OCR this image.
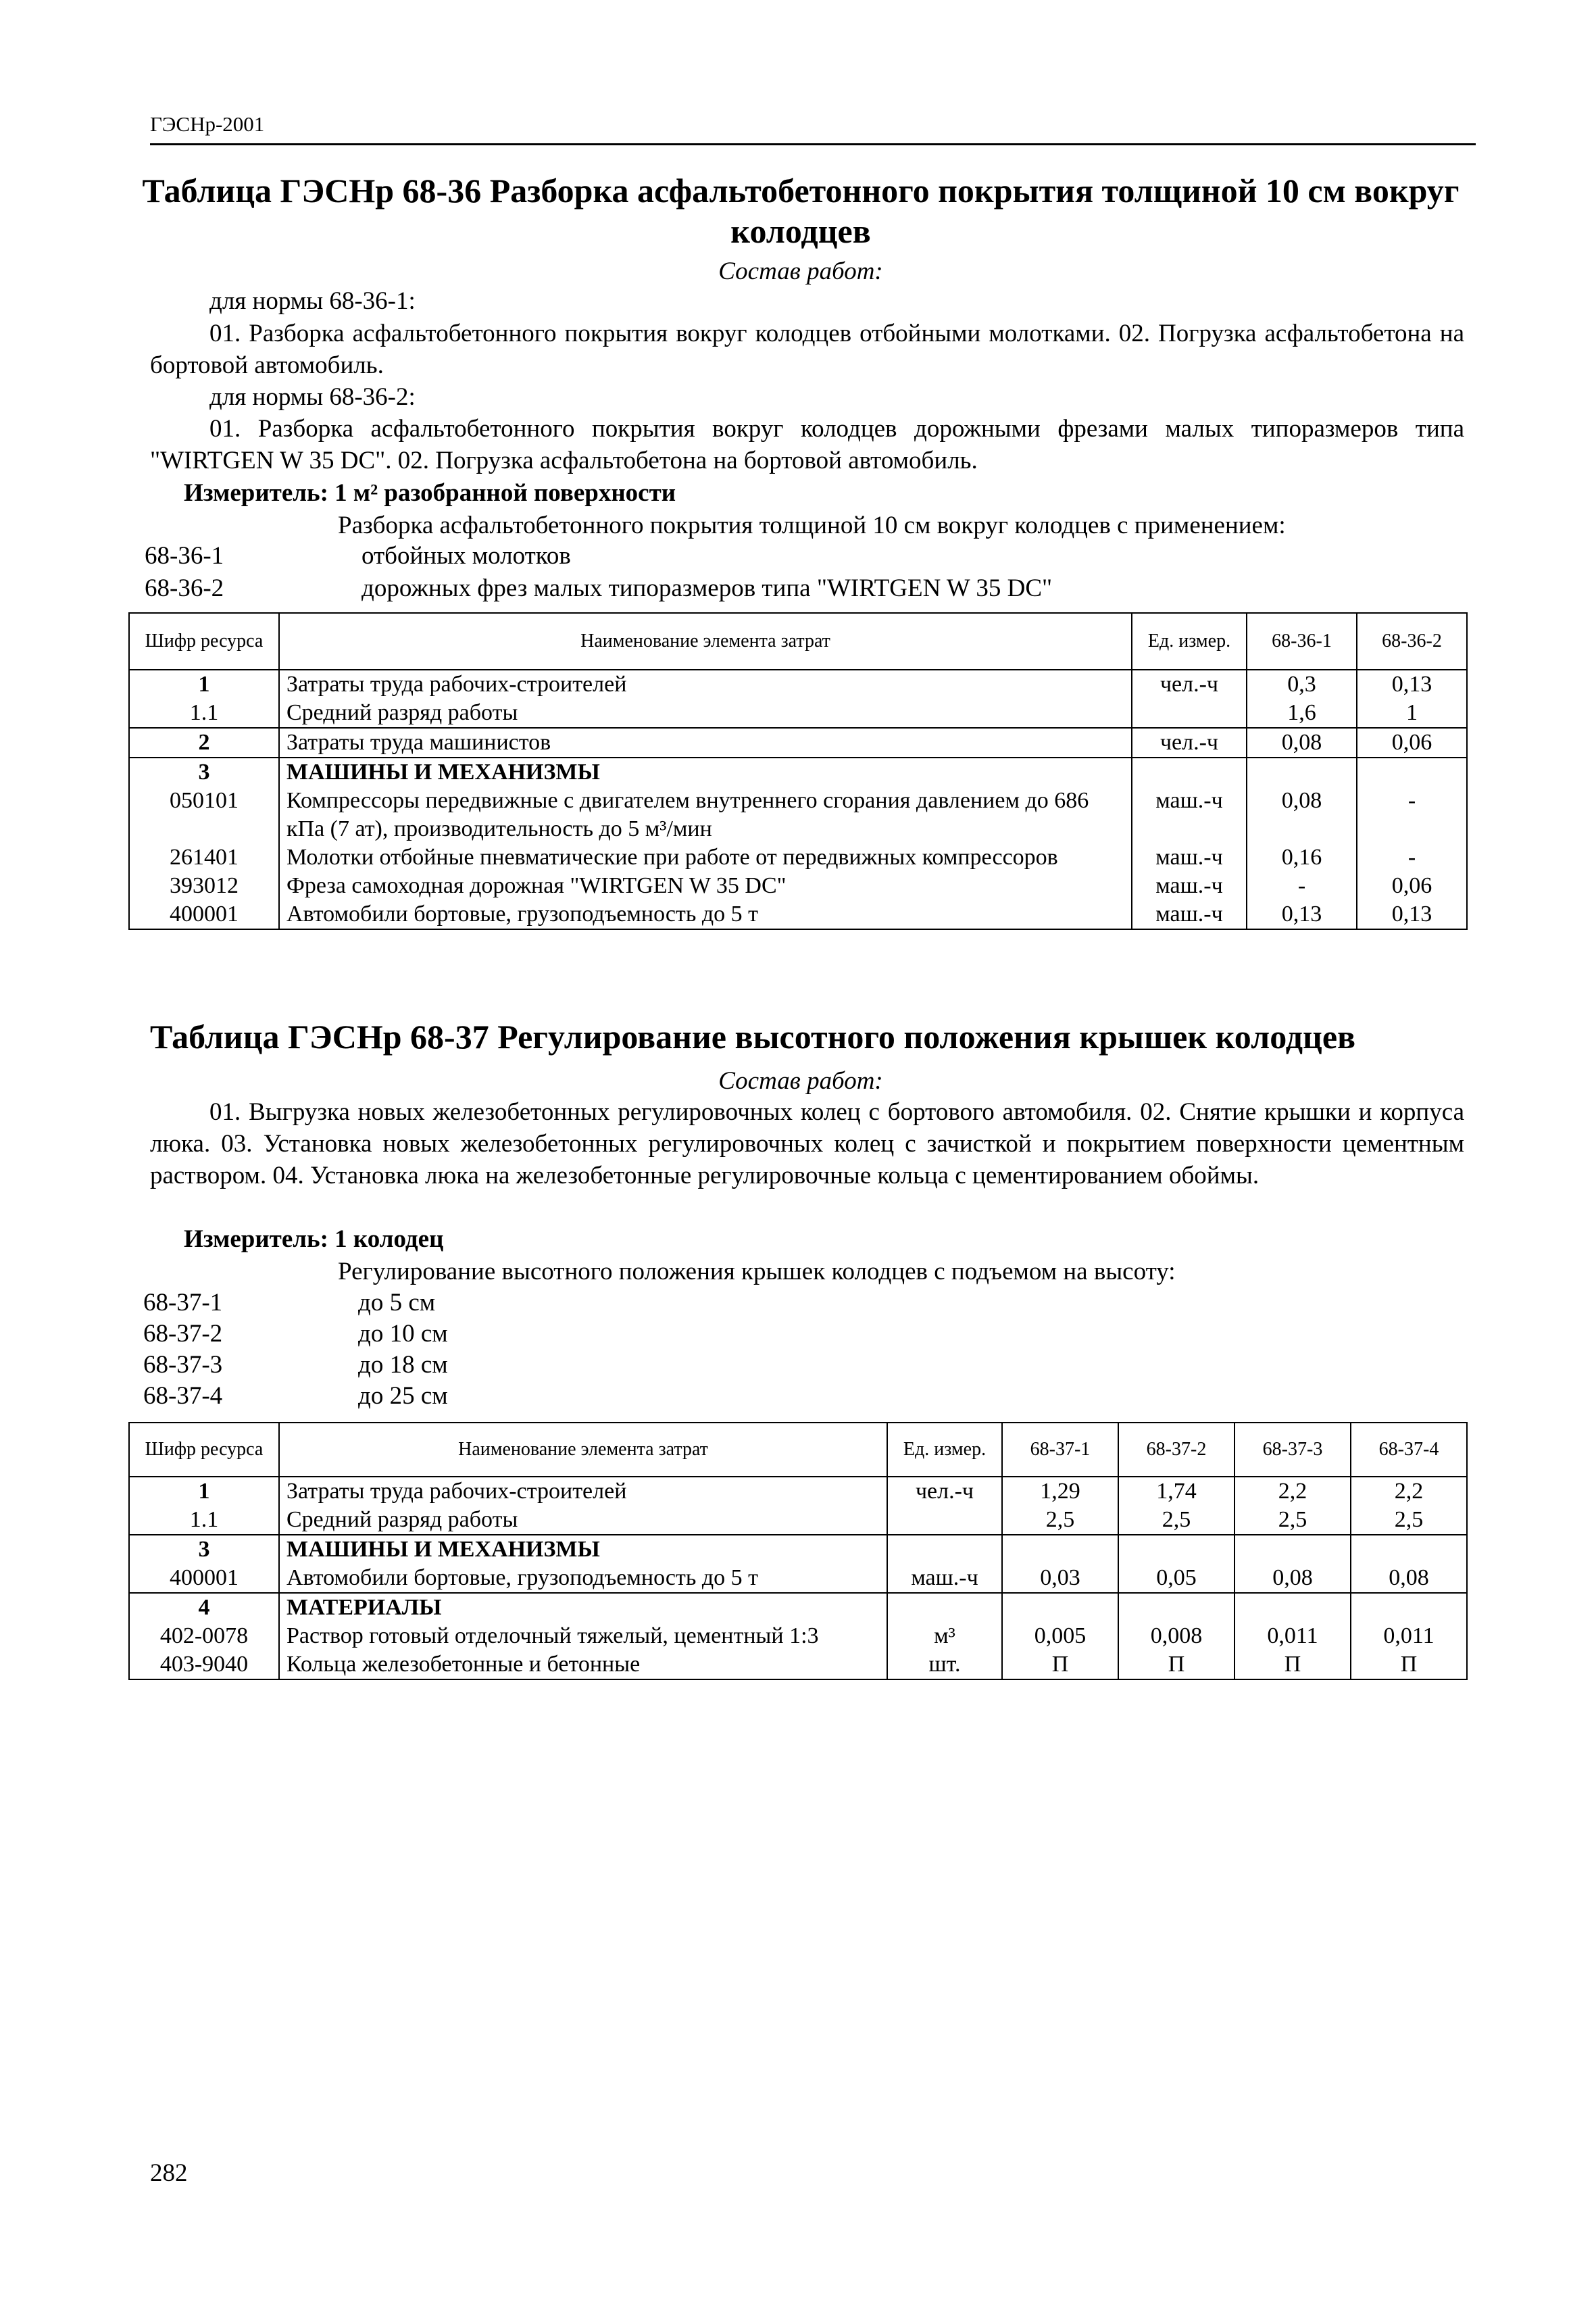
ГЭСНр-2001
Таблица ГЭСНр 68-36 Разборка асфальтобетонного покрытия толщиной 10 см вокруг
колодцев
Состав работ:
для нормы 68-36-1:
01. Разборка асфальтобетонного покрытия вокруг колодцев отбойными молотками. 02. Погрузка асфальтобетона на бортовой автомобиль.
для нормы 68-36-2:
01. Разборка асфальтобетонного покрытия вокруг колодцев дорожными фрезами малых типоразмеров типа "WIRTGEN W 35 DC". 02. Погрузка асфальтобетона на бортовой автомобиль.
Измеритель: 1 м² разобранной поверхности
Разборка асфальтобетонного покрытия толщиной 10 см вокруг колодцев с применением:
68-36-1	отбойных молотков
68-36-2	дорожных фрез малых типоразмеров типа "WIRTGEN W 35 DC"
Шифр ресурса	Наименование элемента затрат	Ед. измер.	68-36-1	68-36-2
1	Затраты труда рабочих-строителей	чел.-ч	0,3	0,13
1.1	Средний разряд работы		1,6	1
2	Затраты труда машинистов	чел.-ч	0,08	0,06
3	МАШИНЫ И МЕХАНИЗМЫ			
050101	Компрессоры передвижные с двигателем внутреннего сгорания давлением до 686 кПа (7 ат), производительность до 5 м³/мин	маш.-ч	0,08	-
261401	Молотки отбойные пневматические при работе от передвижных компрессоров	маш.-ч	0,16	-
393012	Фреза самоходная дорожная "WIRTGEN W 35 DC"	маш.-ч	-	0,06
400001	Автомобили бортовые, грузоподъемность до 5 т	маш.-ч	0,13	0,13
Таблица ГЭСНр 68-37 Регулирование высотного положения крышек колодцев
Состав работ:
01. Выгрузка новых железобетонных регулировочных колец с бортового автомобиля. 02. Снятие крышки и корпуса люка. 03. Установка новых железобетонных регулировочных колец с зачисткой и покрытием поверхности цементным раствором. 04. Установка люка на железобетонные регулировочные кольца с цементированием обоймы.
Измеритель: 1 колодец
Регулирование высотного положения крышек колодцев с подъемом на высоту:
68-37-1	до 5 см
68-37-2	до 10 см
68-37-3	до 18 см
68-37-4	до 25 см
Шифр ресурса	Наименование элемента затрат	Ед. измер.	68-37-1	68-37-2	68-37-3	68-37-4
1	Затраты труда рабочих-строителей	чел.-ч	1,29	1,74	2,2	2,2
1.1	Средний разряд работы		2,5	2,5	2,5	2,5
3	МАШИНЫ И МЕХАНИЗМЫ					
400001	Автомобили бортовые, грузоподъемность до 5 т	маш.-ч	0,03	0,05	0,08	0,08
4	МАТЕРИАЛЫ					
402-0078	Раствор готовый отделочный тяжелый, цементный 1:3	м³	0,005	0,008	0,011	0,011
403-9040	Кольца железобетонные и бетонные	шт.	П	П	П	П
282
